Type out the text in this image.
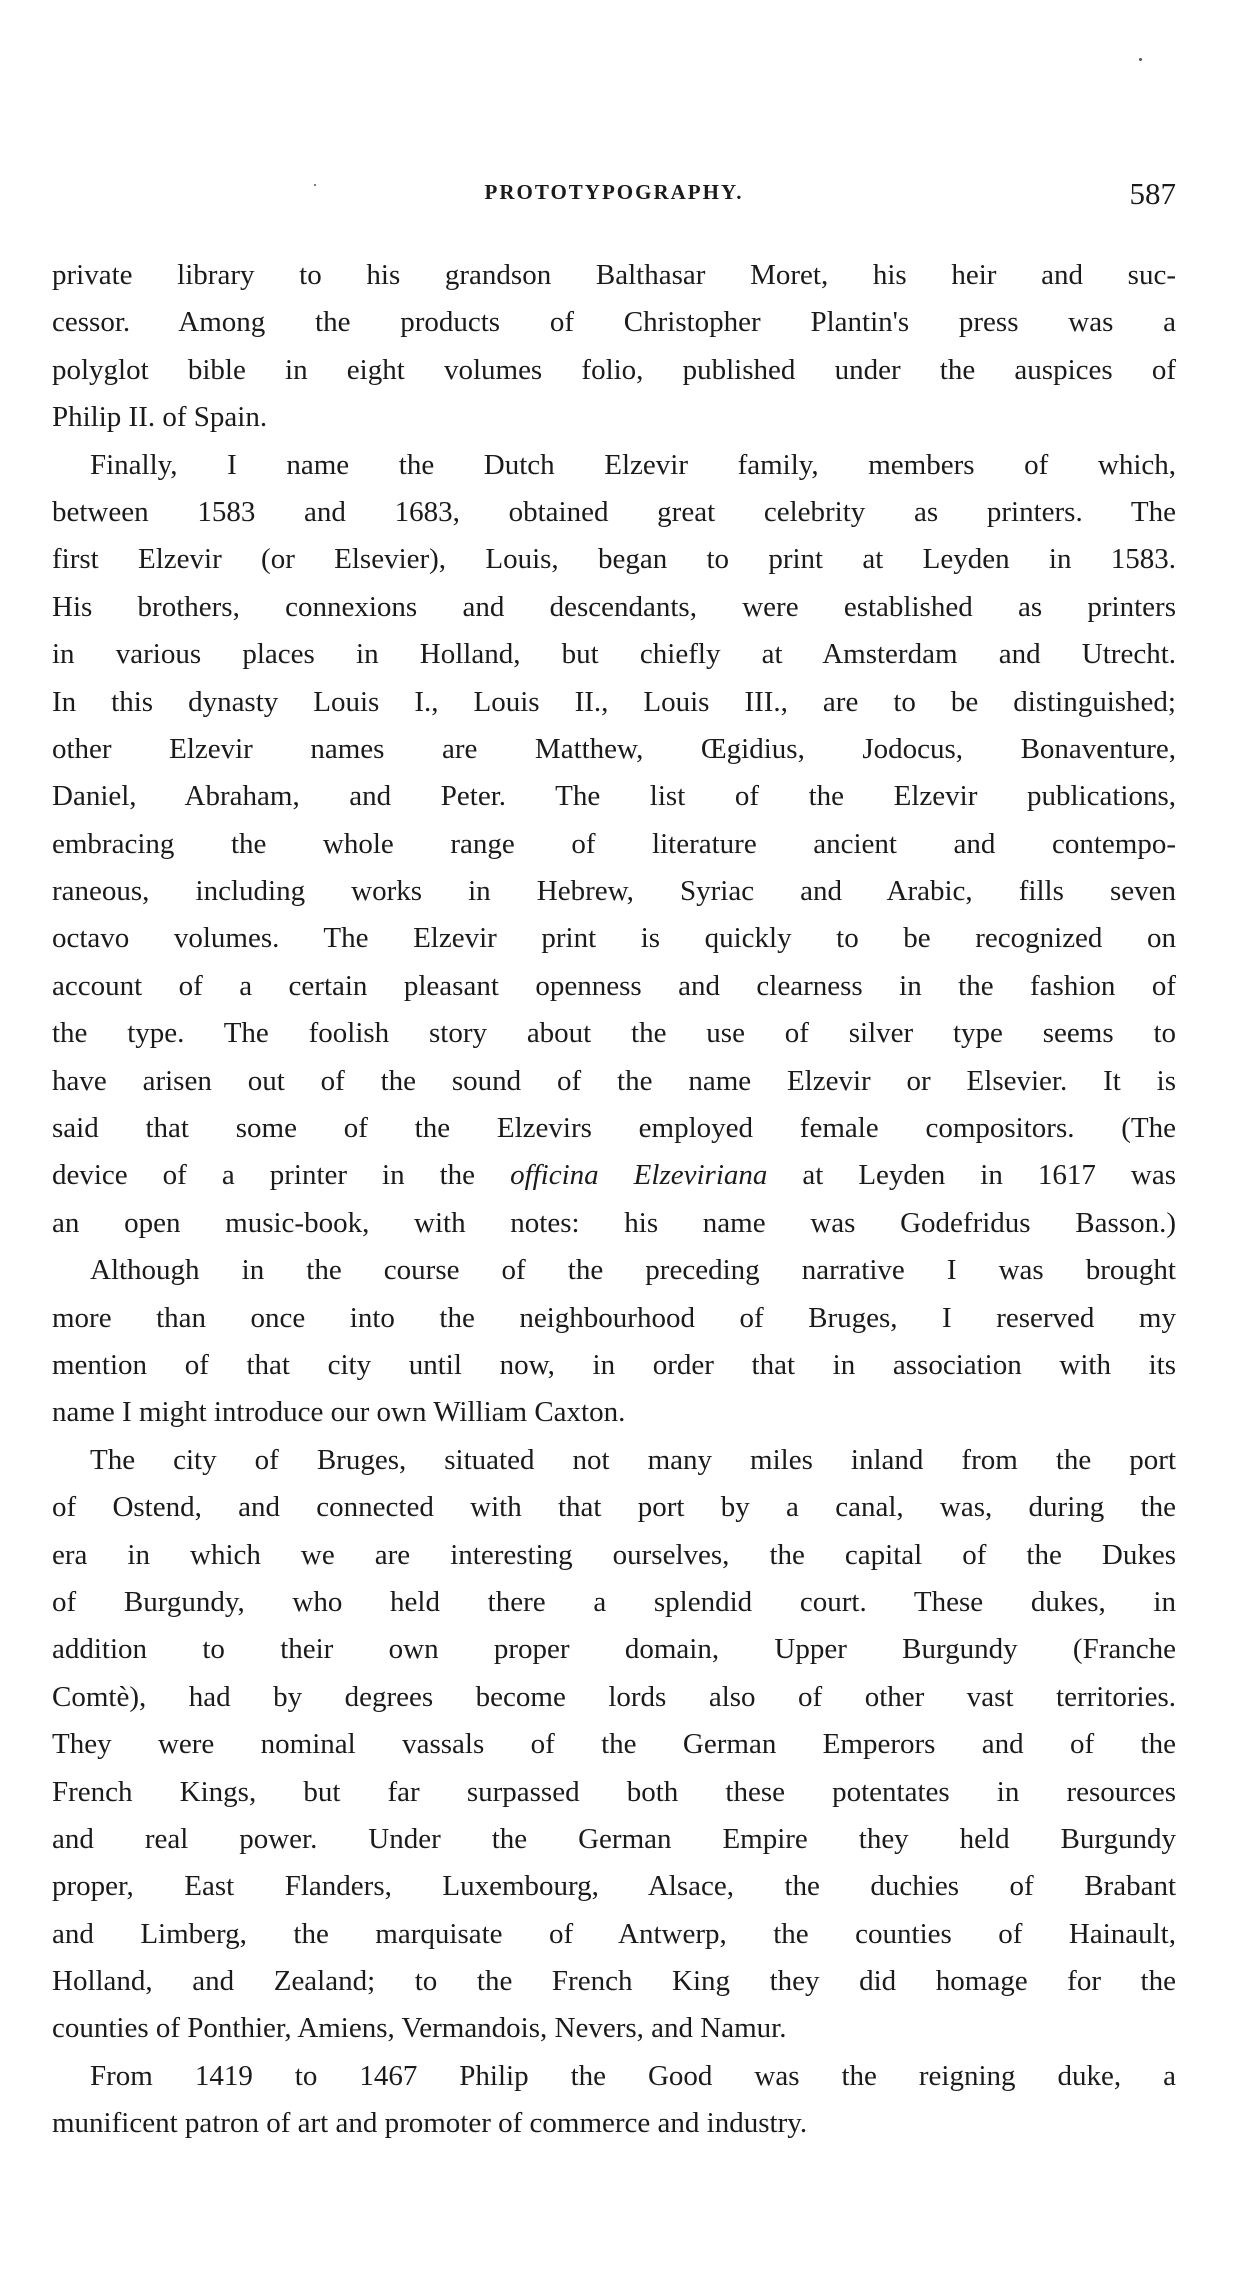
PROTOTYPOGRAPHY.	587
private library to his grandson Balthasar Moret, his heir and suc-
cessor. Among the products of Christopher Plantin's press was a
polyglot bible in eight volumes folio, published under the auspices of
Philip II. of Spain.
Finally, I name the Dutch Elzevir family, members of which,
between 1583 and 1683, obtained great celebrity as printers. The
first Elzevir (or Elsevier), Louis, began to print at Leyden in 1583.
His brothers, connexions and descendants, were established as printers
in various places in Holland, but chiefly at Amsterdam and Utrecht.
In this dynasty Louis I., Louis II., Louis III., are to be distinguished;
other Elzevir names are Matthew, Œgidius, Jodocus, Bonaventure,
Daniel, Abraham, and Peter. The list of the Elzevir publications,
embracing the whole range of literature ancient and contempo-
raneous, including works in Hebrew, Syriac and Arabic, fills seven
octavo volumes. The Elzevir print is quickly to be recognized on
account of a certain pleasant openness and clearness in the fashion of
the type. The foolish story about the use of silver type seems to
have arisen out of the sound of the name Elzevir or Elsevier. It is
said that some of the Elzevirs employed female compositors. (The
device of a printer in the officina Elzeviriana at Leyden in 1617 was
an open music-book, with notes: his name was Godefridus Basson.)
Although in the course of the preceding narrative I was brought
more than once into the neighbourhood of Bruges, I reserved my
mention of that city until now, in order that in association with its
name I might introduce our own William Caxton.
The city of Bruges, situated not many miles inland from the port
of Ostend, and connected with that port by a canal, was, during the
era in which we are interesting ourselves, the capital of the Dukes
of Burgundy, who held there a splendid court. These dukes, in
addition to their own proper domain, Upper Burgundy (Franche
Comtè), had by degrees become lords also of other vast territories.
They were nominal vassals of the German Emperors and of the
French Kings, but far surpassed both these potentates in resources
and real power. Under the German Empire they held Burgundy
proper, East Flanders, Luxembourg, Alsace, the duchies of Brabant
and Limberg, the marquisate of Antwerp, the counties of Hainault,
Holland, and Zealand; to the French King they did homage for the
counties of Ponthier, Amiens, Vermandois, Nevers, and Namur.
From 1419 to 1467 Philip the Good was the reigning duke, a
munificent patron of art and promoter of commerce and industry.
